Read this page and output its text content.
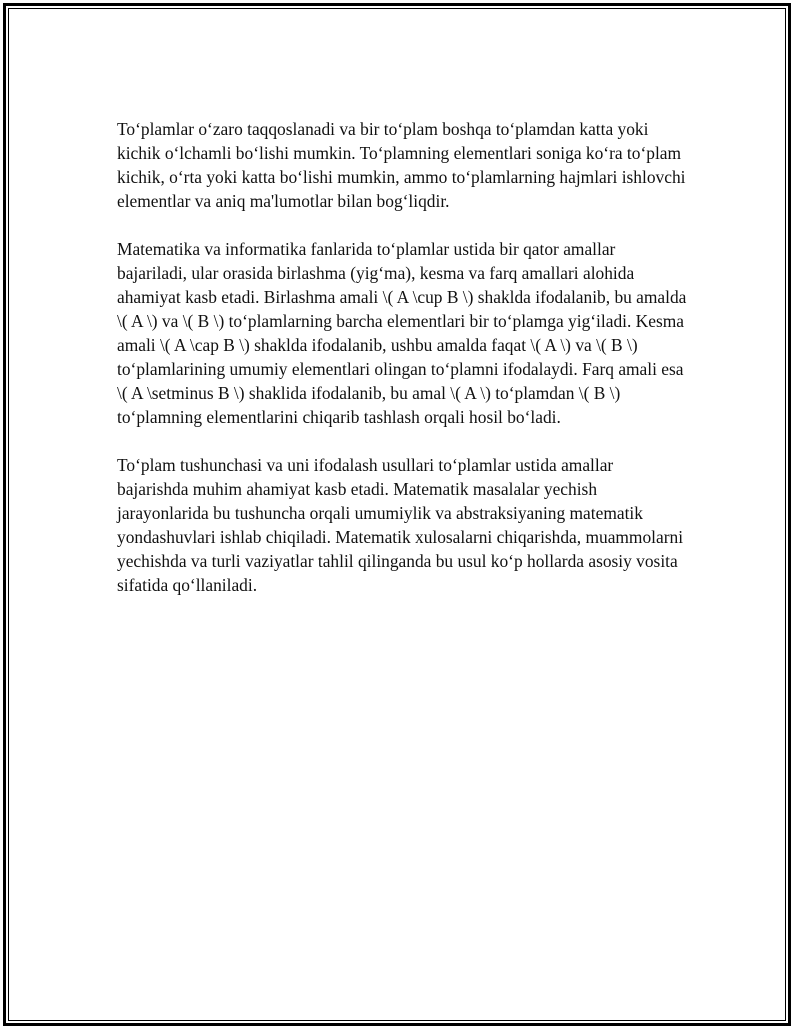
To‘plamlar o‘zaro taqqoslanadi va bir to‘plam boshqa to‘plamdan katta yoki kichik o‘lchamli bo‘lishi mumkin. To‘plamning elementlari soniga ko‘ra to‘plam kichik, o‘rta yoki katta bo‘lishi mumkin, ammo to‘plamlarning hajmlari ishlovchi elementlar va aniq ma'lumotlar bilan bog‘liqdir.

Matematika va informatika fanlarida to‘plamlar ustida bir qator amallar bajariladi, ular orasida birlashma (yig‘ma), kesma va farq amallari alohida ahamiyat kasb etadi. Birlashma amali \( A \cup B \) shaklda ifodalanib, bu amalda \( A \) va \( B \) to‘plamlarning barcha elementlari bir to‘plamga yig‘iladi. Kesma amali \( A \cap B \) shaklda ifodalanib, ushbu amalda faqat \( A \) va \( B \) to‘plamlarining umumiy elementlari olingan to‘plamni ifodalaydi. Farq amali esa \( A \setminus B \) shaklida ifodalanib, bu amal \( A \) to‘plamdan \( B \) to‘plamning elementlarini chiqarib tashlash orqali hosil bo‘ladi.

To‘plam tushunchasi va uni ifodalash usullari to‘plamlar ustida amallar bajarishda muhim ahamiyat kasb etadi. Matematik masalalar yechish jarayonlarida bu tushuncha orqali umumiylik va abstraksiyaning matematik yondashuvlari ishlab chiqiladi. Matematik xulosalarni chiqarishda, muammolarni yechishda va turli vaziyatlar tahlil qilinganda bu usul ko‘p hollarda asosiy vosita sifatida qo‘llaniladi.
